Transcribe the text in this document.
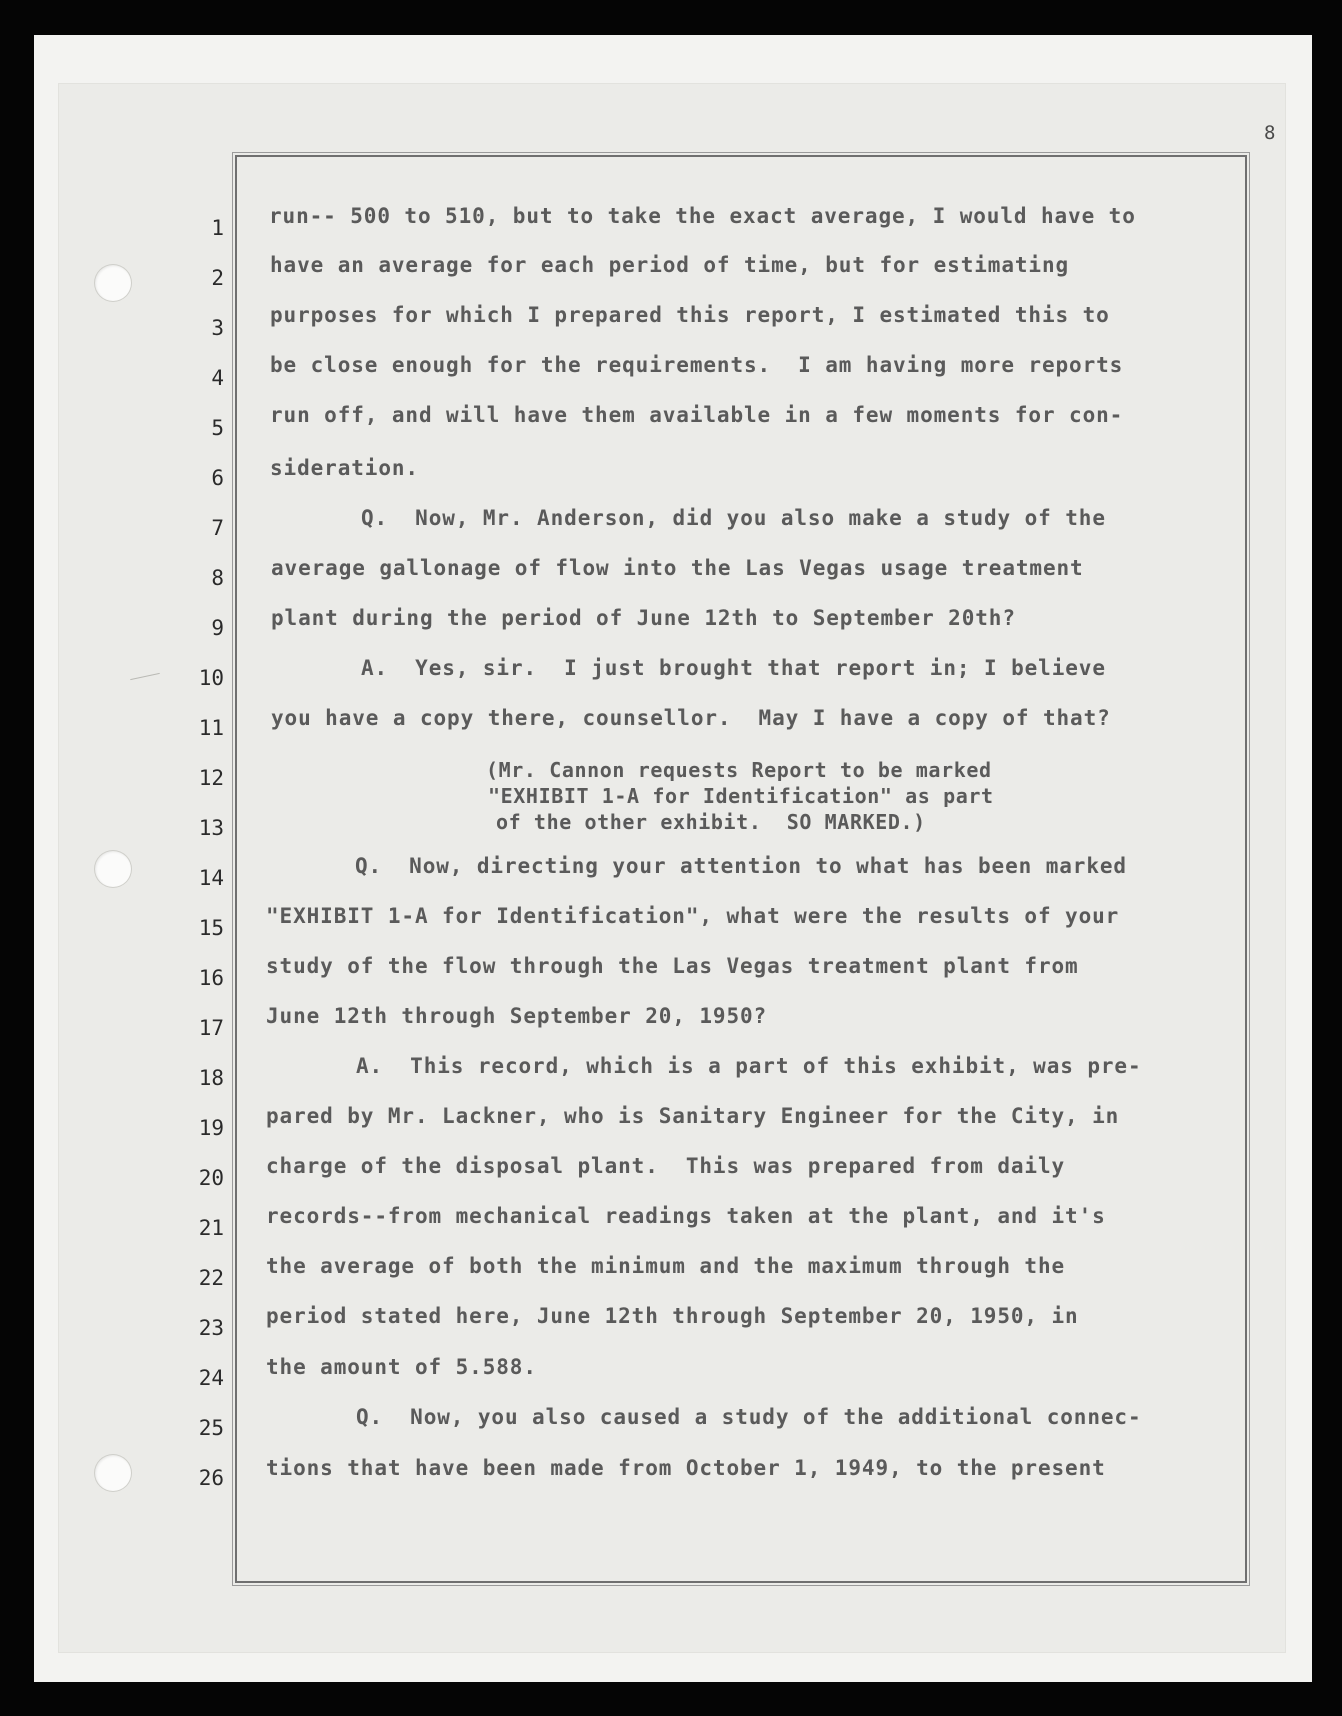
8
1
2
3
4
5
6
7
8
9
10
11
12
13
14
15
16
17
18
19
20
21
22
23
24
25
26
run-- 500 to 510, but to take the exact average, I would have to
have an average for each period of time, but for estimating
purposes for which I prepared this report, I estimated this to
be close enough for the requirements.  I am having more reports
run off, and will have them available in a few moments for con-
sideration.
Q.  Now, Mr. Anderson, did you also make a study of the
average gallonage of flow into the Las Vegas usage treatment
plant during the period of June 12th to September 20th?
A.  Yes, sir.  I just brought that report in; I believe
you have a copy there, counsellor.  May I have a copy of that?
(Mr. Cannon requests Report to be marked
"EXHIBIT 1-A for Identification" as part
of the other exhibit.  SO MARKED.)
Q.  Now, directing your attention to what has been marked
"EXHIBIT 1-A for Identification", what were the results of your
study of the flow through the Las Vegas treatment plant from
June 12th through September 20, 1950?
A.  This record, which is a part of this exhibit, was pre-
pared by Mr. Lackner, who is Sanitary Engineer for the City, in
charge of the disposal plant.  This was prepared from daily
records--from mechanical readings taken at the plant, and it's
the average of both the minimum and the maximum through the
period stated here, June 12th through September 20, 1950, in
the amount of 5.588.
Q.  Now, you also caused a study of the additional connec-
tions that have been made from October 1, 1949, to the present
